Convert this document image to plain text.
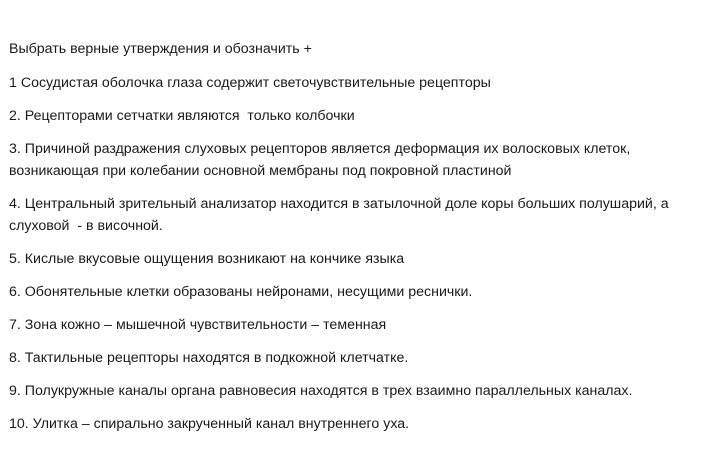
Выбрать верные утверждения и обозначить +

1 Сосудистая оболочка глаза содержит светочувствительные рецепторы

2. Рецепторами сетчатки являются  только колбочки

3. Причиной раздражения слуховых рецепторов является деформация их волосковых клеток, возникающая при колебании основной мембраны под покровной пластиной

4. Центральный зрительный анализатор находится в затылочной доле коры больших полушарий, а слуховой  - в височной.

5. Кислые вкусовые ощущения возникают на кончике языка

6. Обонятельные клетки образованы нейронами, несущими реснички.

7. Зона кожно – мышечной чувствительности – теменная

8. Тактильные рецепторы находятся в подкожной клетчатке.

9. Полукружные каналы органа равновесия находятся в трех взаимно параллельных каналах.

10. Улитка – спирально закрученный канал внутреннего уха.
